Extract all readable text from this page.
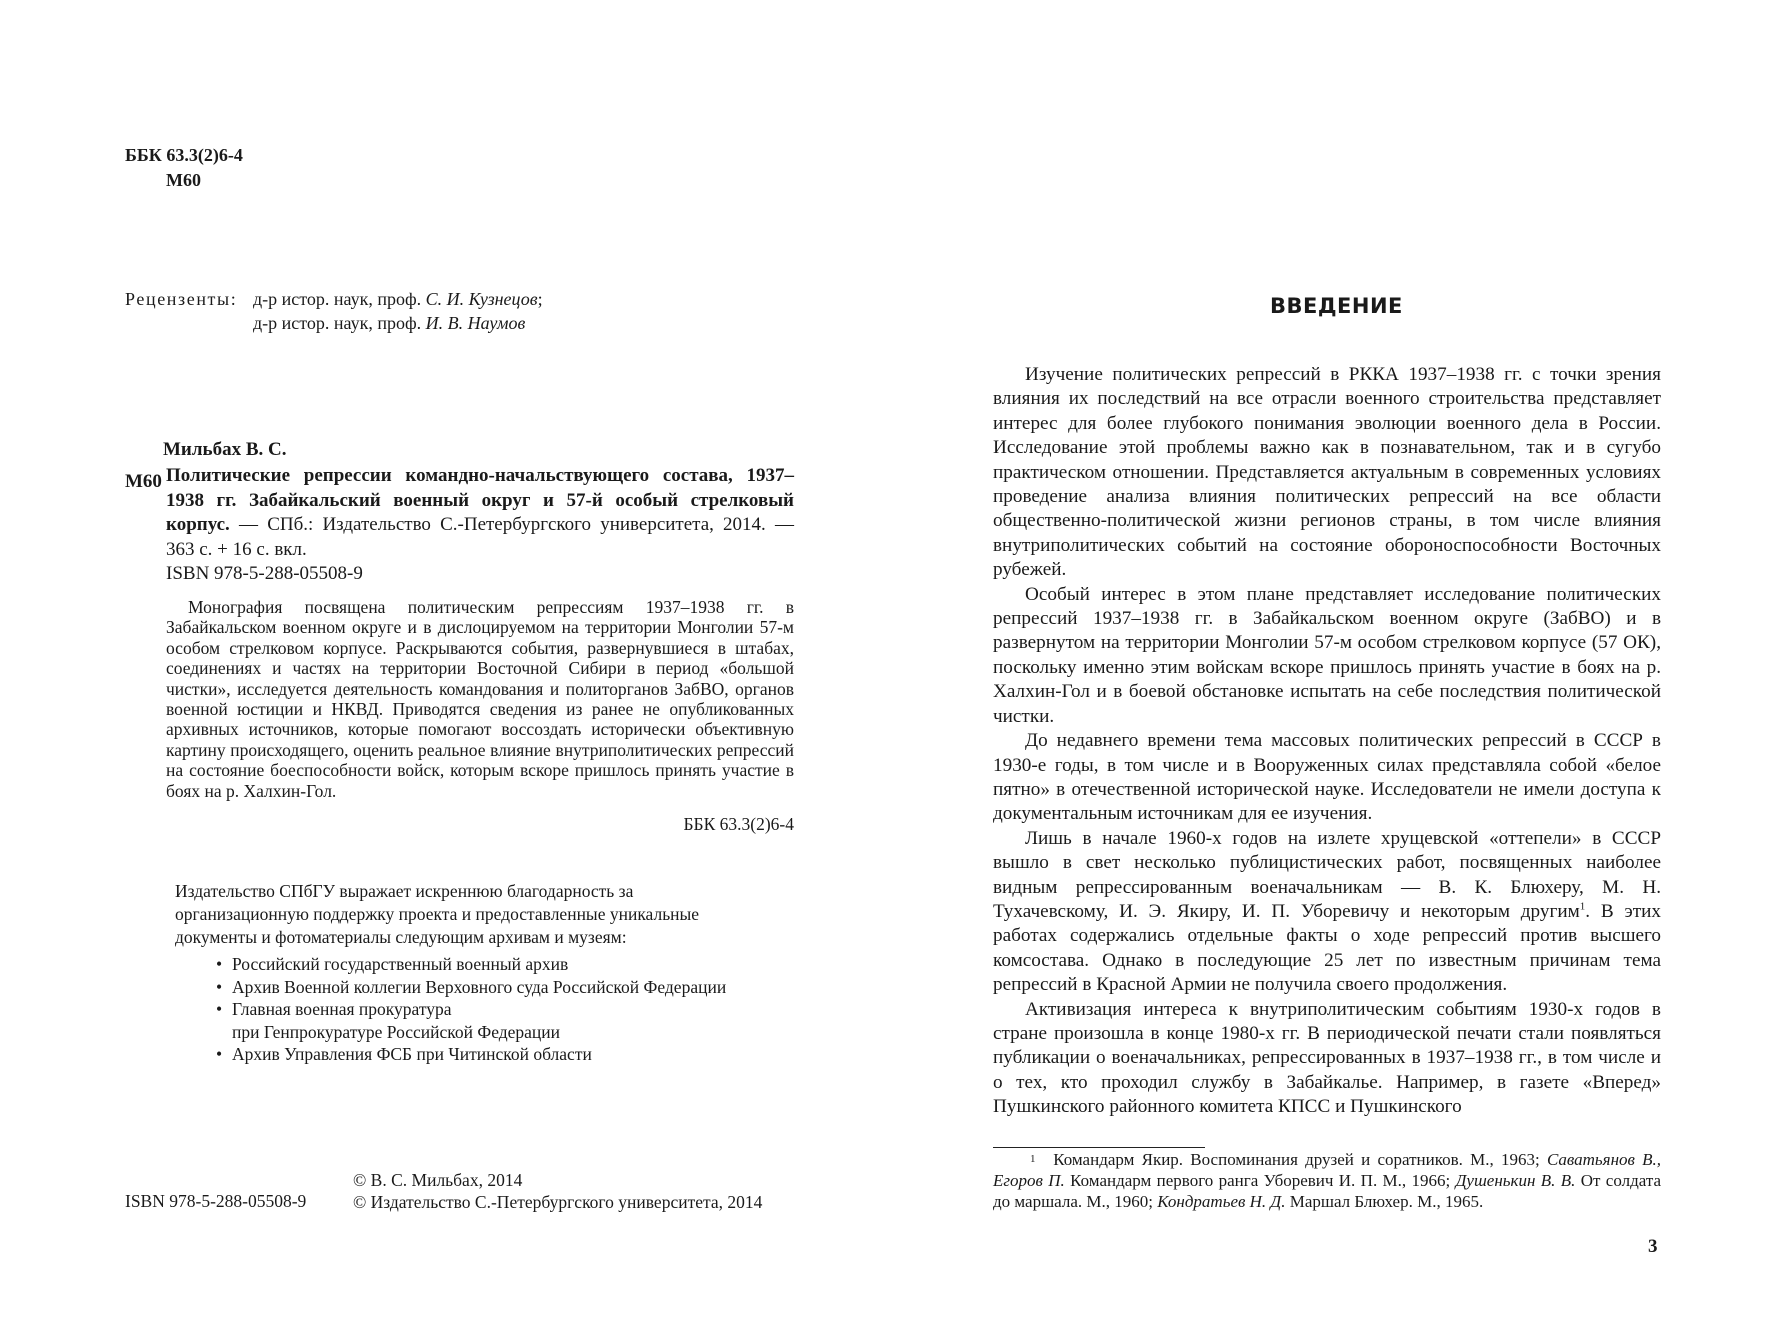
ББК 63.3(2)6-4
М60
Рецензенты: д-р истор. наук, проф. С. И. Кузнецов;
д-р истор. наук, проф. И. В. Наумов
Мильбах В. С.
М60 Политические репрессии командно-начальствующего состава, 1937–1938 гг. Забайкальский военный округ и 57-й особый стрелковый корпус. — СПб.: Издательство С.-Петербургского университета, 2014. — 363 с. + 16 с. вкл.

ISBN 978-5-288-05508-9

Монография посвящена политическим репрессиям 1937–1938 гг. в Забайкальском военном округе и в дислоцируемом на территории Монголии 57-м особом стрелковом корпусе. Раскрываются события, развернувшиеся в штабах, соединениях и частях на территории Восточной Сибири в период «большой чистки», исследуется деятельность командования и политорганов ЗабВО, органов военной юстиции и НКВД. Приводятся сведения из ранее не опубликованных архивных источников, которые помогают воссоздать исторически объективную картину происходящего, оценить реальное влияние внутриполитических репрессий на состояние боеспособности войск, которым вскоре пришлось принять участие в боях на р. Халхин-Гол.

ББК 63.3(2)6-4

Издательство СПбГУ выражает искреннюю благодарность за организационную поддержку проекта и предоставленные уникальные документы и фотоматериалы следующим архивам и музеям:

• Российский государственный военный архив
• Архив Военной коллегии Верховного суда Российской Федерации
• Главная военная прокуратура
при Генпрокуратуре Российской Федерации
• Архив Управления ФСБ при Читинской области
© В. С. Мильбах, 2014
© Издательство С.-Петербургского университета, 2014
ISBN 978-5-288-05508-9
ВВЕДЕНИЕ

Изучение политических репрессий в РККА 1937–1938 гг. с точки зрения влияния их последствий на все отрасли военного строительства представляет интерес для более глубокого понимания эволюции военного дела в России. Исследование этой проблемы важно как в познавательном, так и в сугубо практическом отношении. Представляется актуальным в современных условиях проведение анализа влияния политических репрессий на все области общественно-политической жизни регионов страны, в том числе влияния внутриполитических событий на состояние обороноспособности Восточных рубежей.

Особый интерес в этом плане представляет исследование политических репрессий 1937–1938 гг. в Забайкальском военном округе (ЗабВО) и в развернутом на территории Монголии 57-м особом стрелковом корпусе (57 ОК), поскольку именно этим войскам вскоре пришлось принять участие в боях на р. Халхин-Гол и в боевой обстановке испытать на себе последствия политической чистки.

До недавнего времени тема массовых политических репрессий в СССР в 1930-е годы, в том числе и в Вооруженных силах представляла собой «белое пятно» в отечественной исторической науке. Исследователи не имели доступа к документальным источникам для ее изучения.

Лишь в начале 1960-х годов на излете хрущевской «оттепели» в СССР вышло в свет несколько публицистических работ, посвященных наиболее видным репрессированным военачальникам — В. К. Блюхеру, М. Н. Тухачевскому, И. Э. Якиру, И. П. Уборевичу и некоторым другим$^1$. В этих работах содержались отдельные факты о ходе репрессий против высшего комсостава. Однако в последующие 25 лет по известным причинам тема репрессий в Красной Армии не получила своего продолжения.

Активизация интереса к внутриполитическим событиям 1930-х годов в стране произошла в конце 1980-х гг. В периодической печати стали появляться публикации о военачальниках, репрессированных в 1937–1938 гг., в том числе и о тех, кто проходил службу в Забайкалье. Например, в газете «Вперед» Пушкинского районного комитета КПСС и Пушкинского

1 Командарм Якир. Воспоминания друзей и соратников. М., 1963; Саватьянов В., Егоров П. Командарм первого ранга Уборевич И. П. М., 1966; Душенькин В. В. От солдата до маршала. М., 1960; Кондратьев Н. Д. Маршал Блюхер. М., 1965.
3
